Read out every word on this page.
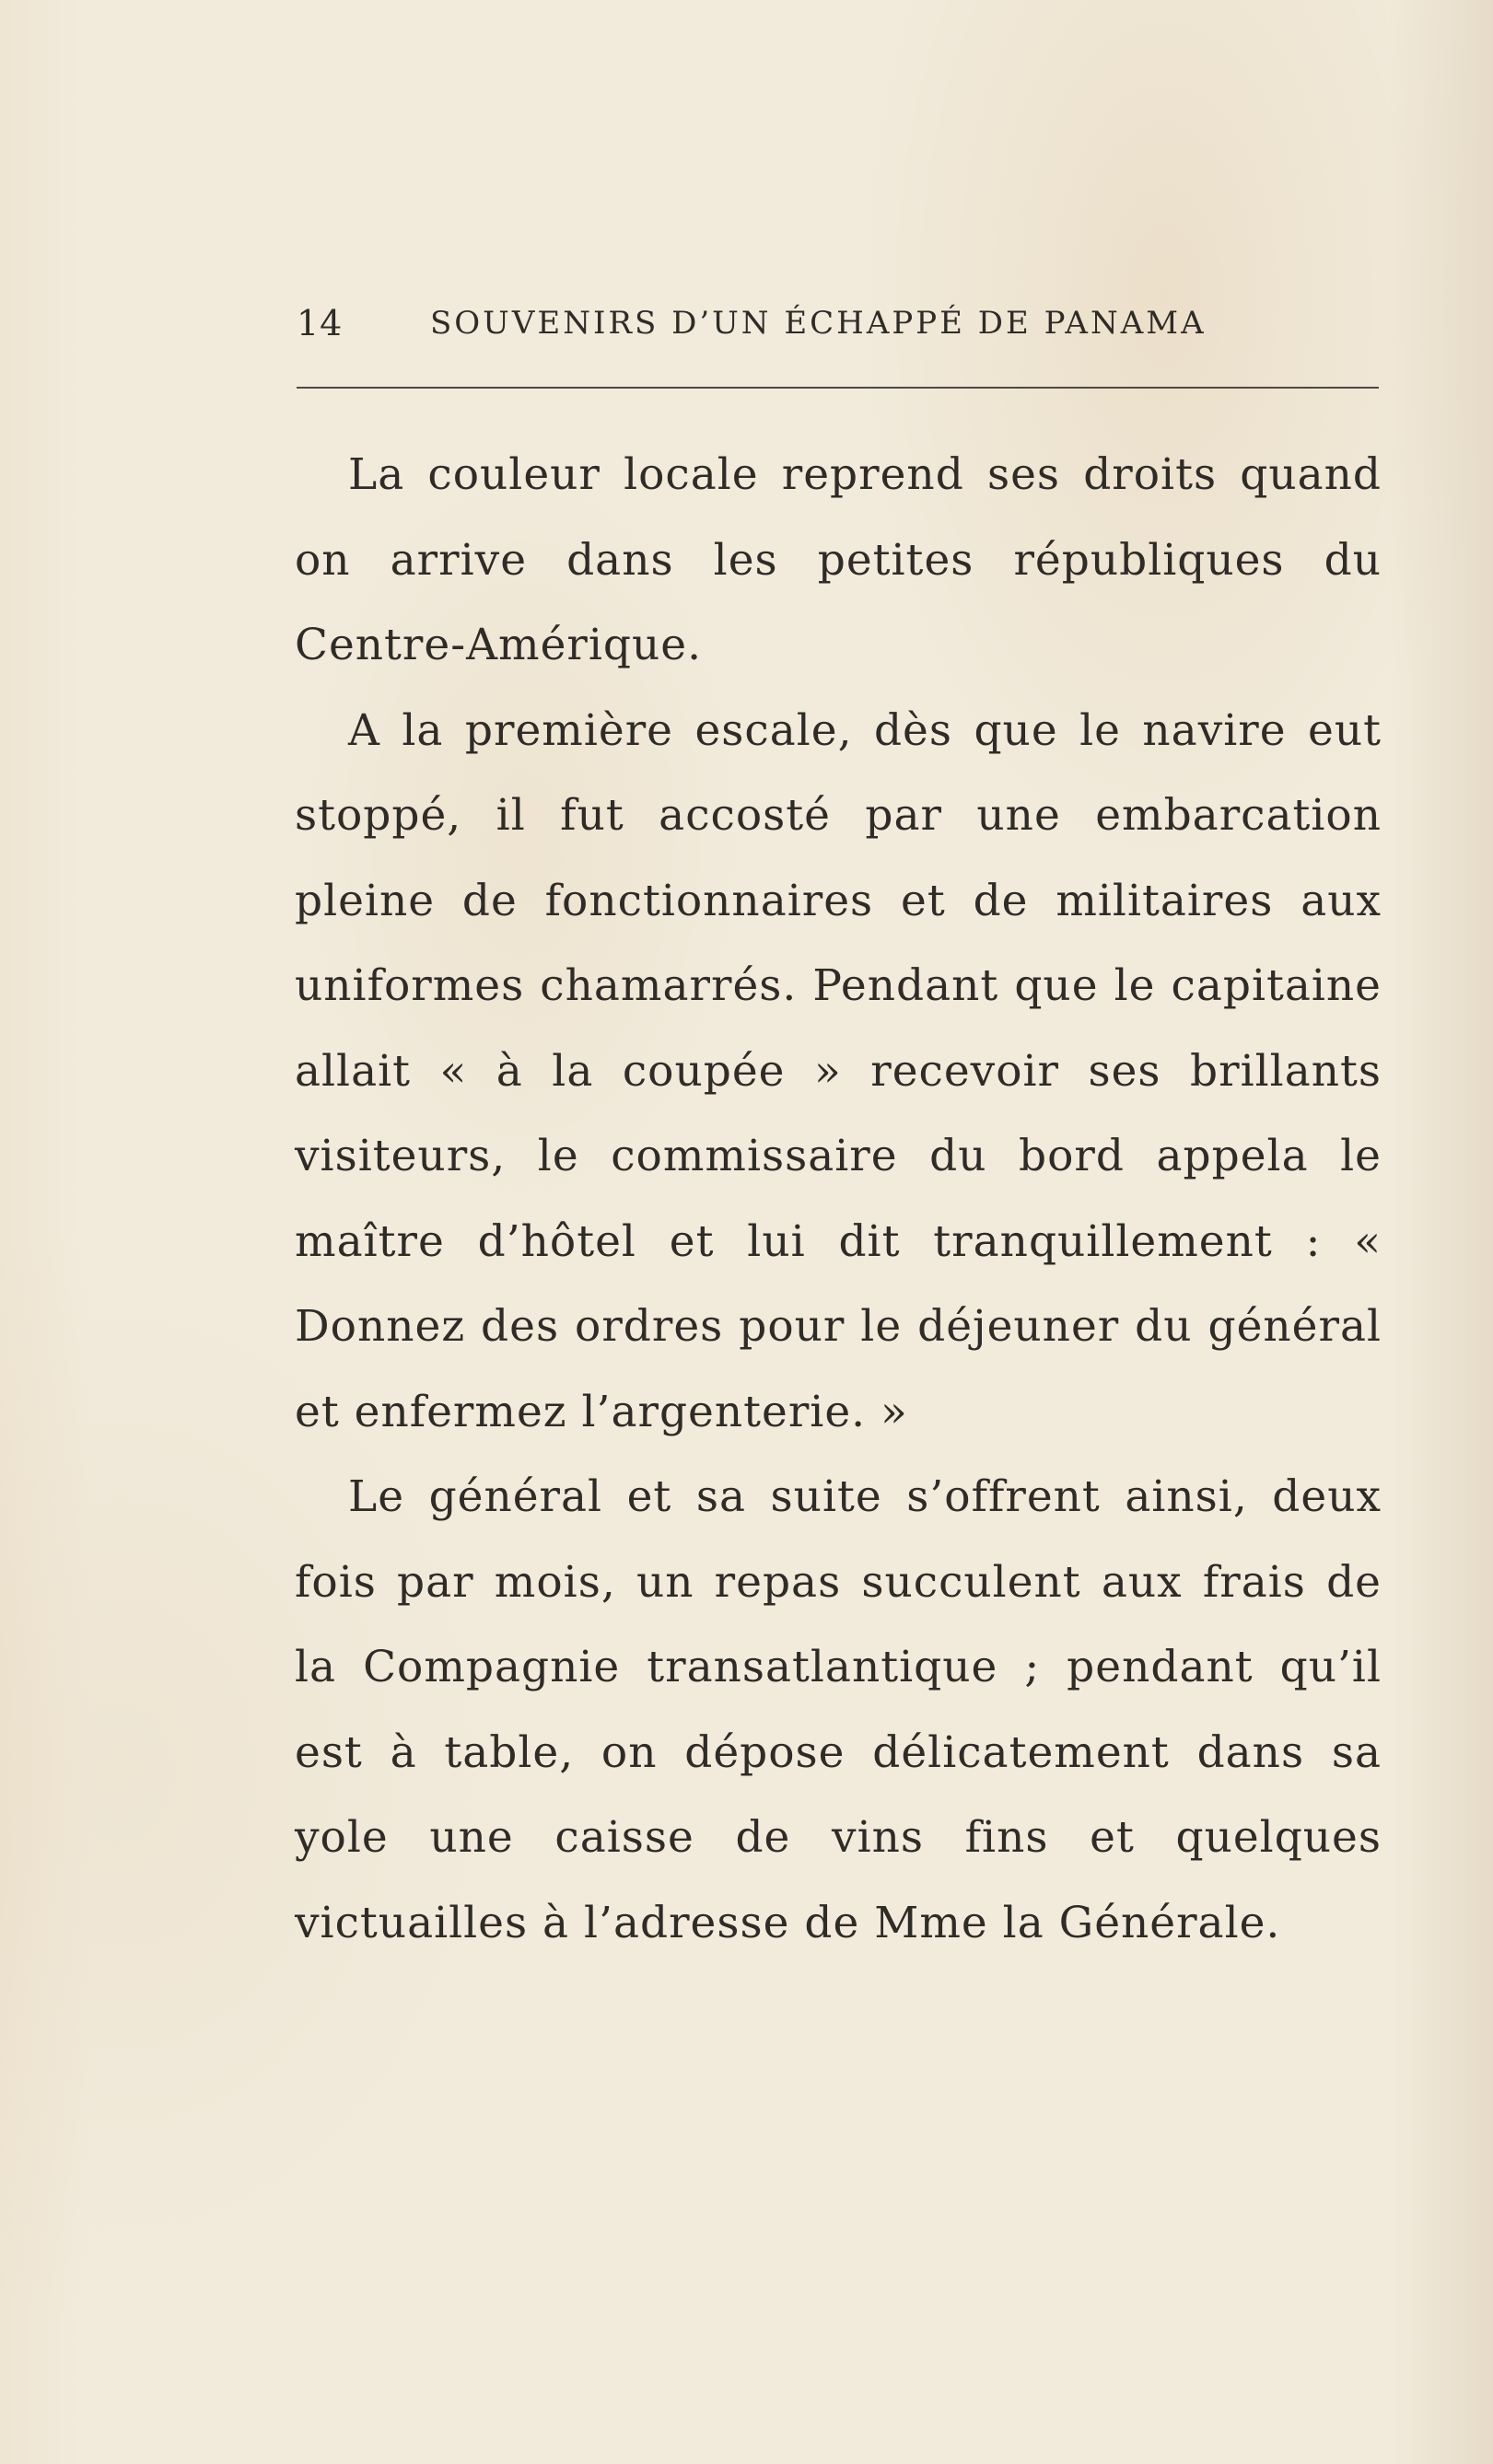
14	SOUVENIRS D’UN ÉCHAPPÉ DE PANAMA

La couleur locale reprend ses droits quand on arrive dans les petites républiques du Centre-Amérique.

A la première escale, dès que le navire eut stoppé, il fut accosté par une embarcation pleine de fonctionnaires et de militaires aux uniformes chamarrés. Pendant que le capitaine allait « à la coupée » recevoir ses brillants visiteurs, le commissaire du bord appela le maître d’hôtel et lui dit tranquillement : « Donnez des ordres pour le déjeuner du général et enfermez l’argenterie. »

Le général et sa suite s’offrent ainsi, deux fois par mois, un repas succulent aux frais de la Compagnie transatlantique ; pendant qu’il est à table, on dépose délicatement dans sa yole une caisse de vins fins et quelques victuailles à l’adresse de Mme la Générale.
